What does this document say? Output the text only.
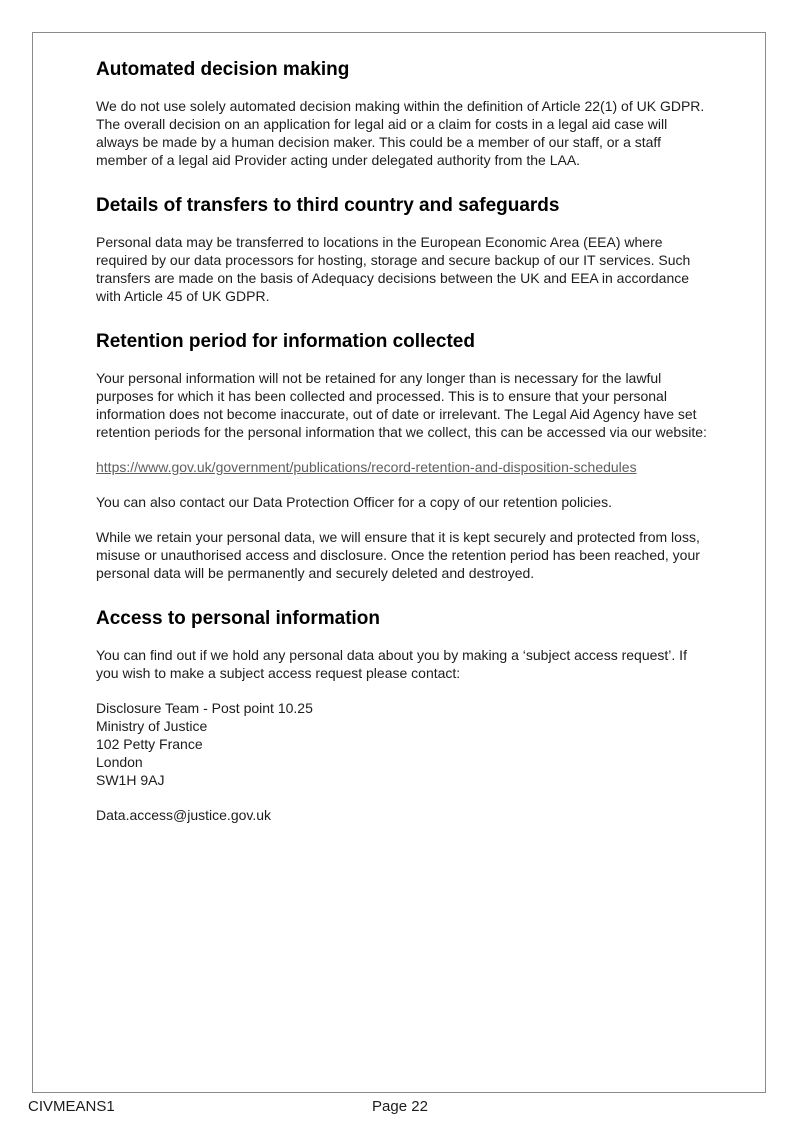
Automated decision making

We do not use solely automated decision making within the definition of Article 22(1) of UK GDPR. The overall decision on an application for legal aid or a claim for costs in a legal aid case will always be made by a human decision maker. This could be a member of our staff, or a staff member of a legal aid Provider acting under delegated authority from the LAA.

Details of transfers to third country and safeguards

Personal data may be transferred to locations in the European Economic Area (EEA) where required by our data processors for hosting, storage and secure backup of our IT services. Such transfers are made on the basis of Adequacy decisions between the UK and EEA in accordance with Article 45 of UK GDPR.

Retention period for information collected

Your personal information will not be retained for any longer than is necessary for the lawful purposes for which it has been collected and processed. This is to ensure that your personal information does not become inaccurate, out of date or irrelevant. The Legal Aid Agency have set retention periods for the personal information that we collect, this can be accessed via our website:

https://www.gov.uk/government/publications/record-retention-and-disposition-schedules

You can also contact our Data Protection Officer for a copy of our retention policies.

While we retain your personal data, we will ensure that it is kept securely and protected from loss, misuse or unauthorised access and disclosure. Once the retention period has been reached, your personal data will be permanently and securely deleted and destroyed.

Access to personal information

You can find out if we hold any personal data about you by making a ‘subject access request’. If you wish to make a subject access request please contact:

Disclosure Team - Post point 10.25
Ministry of Justice
102 Petty France
London
SW1H 9AJ

Data.access@justice.gov.uk

CIVMEANS1	Page 22
